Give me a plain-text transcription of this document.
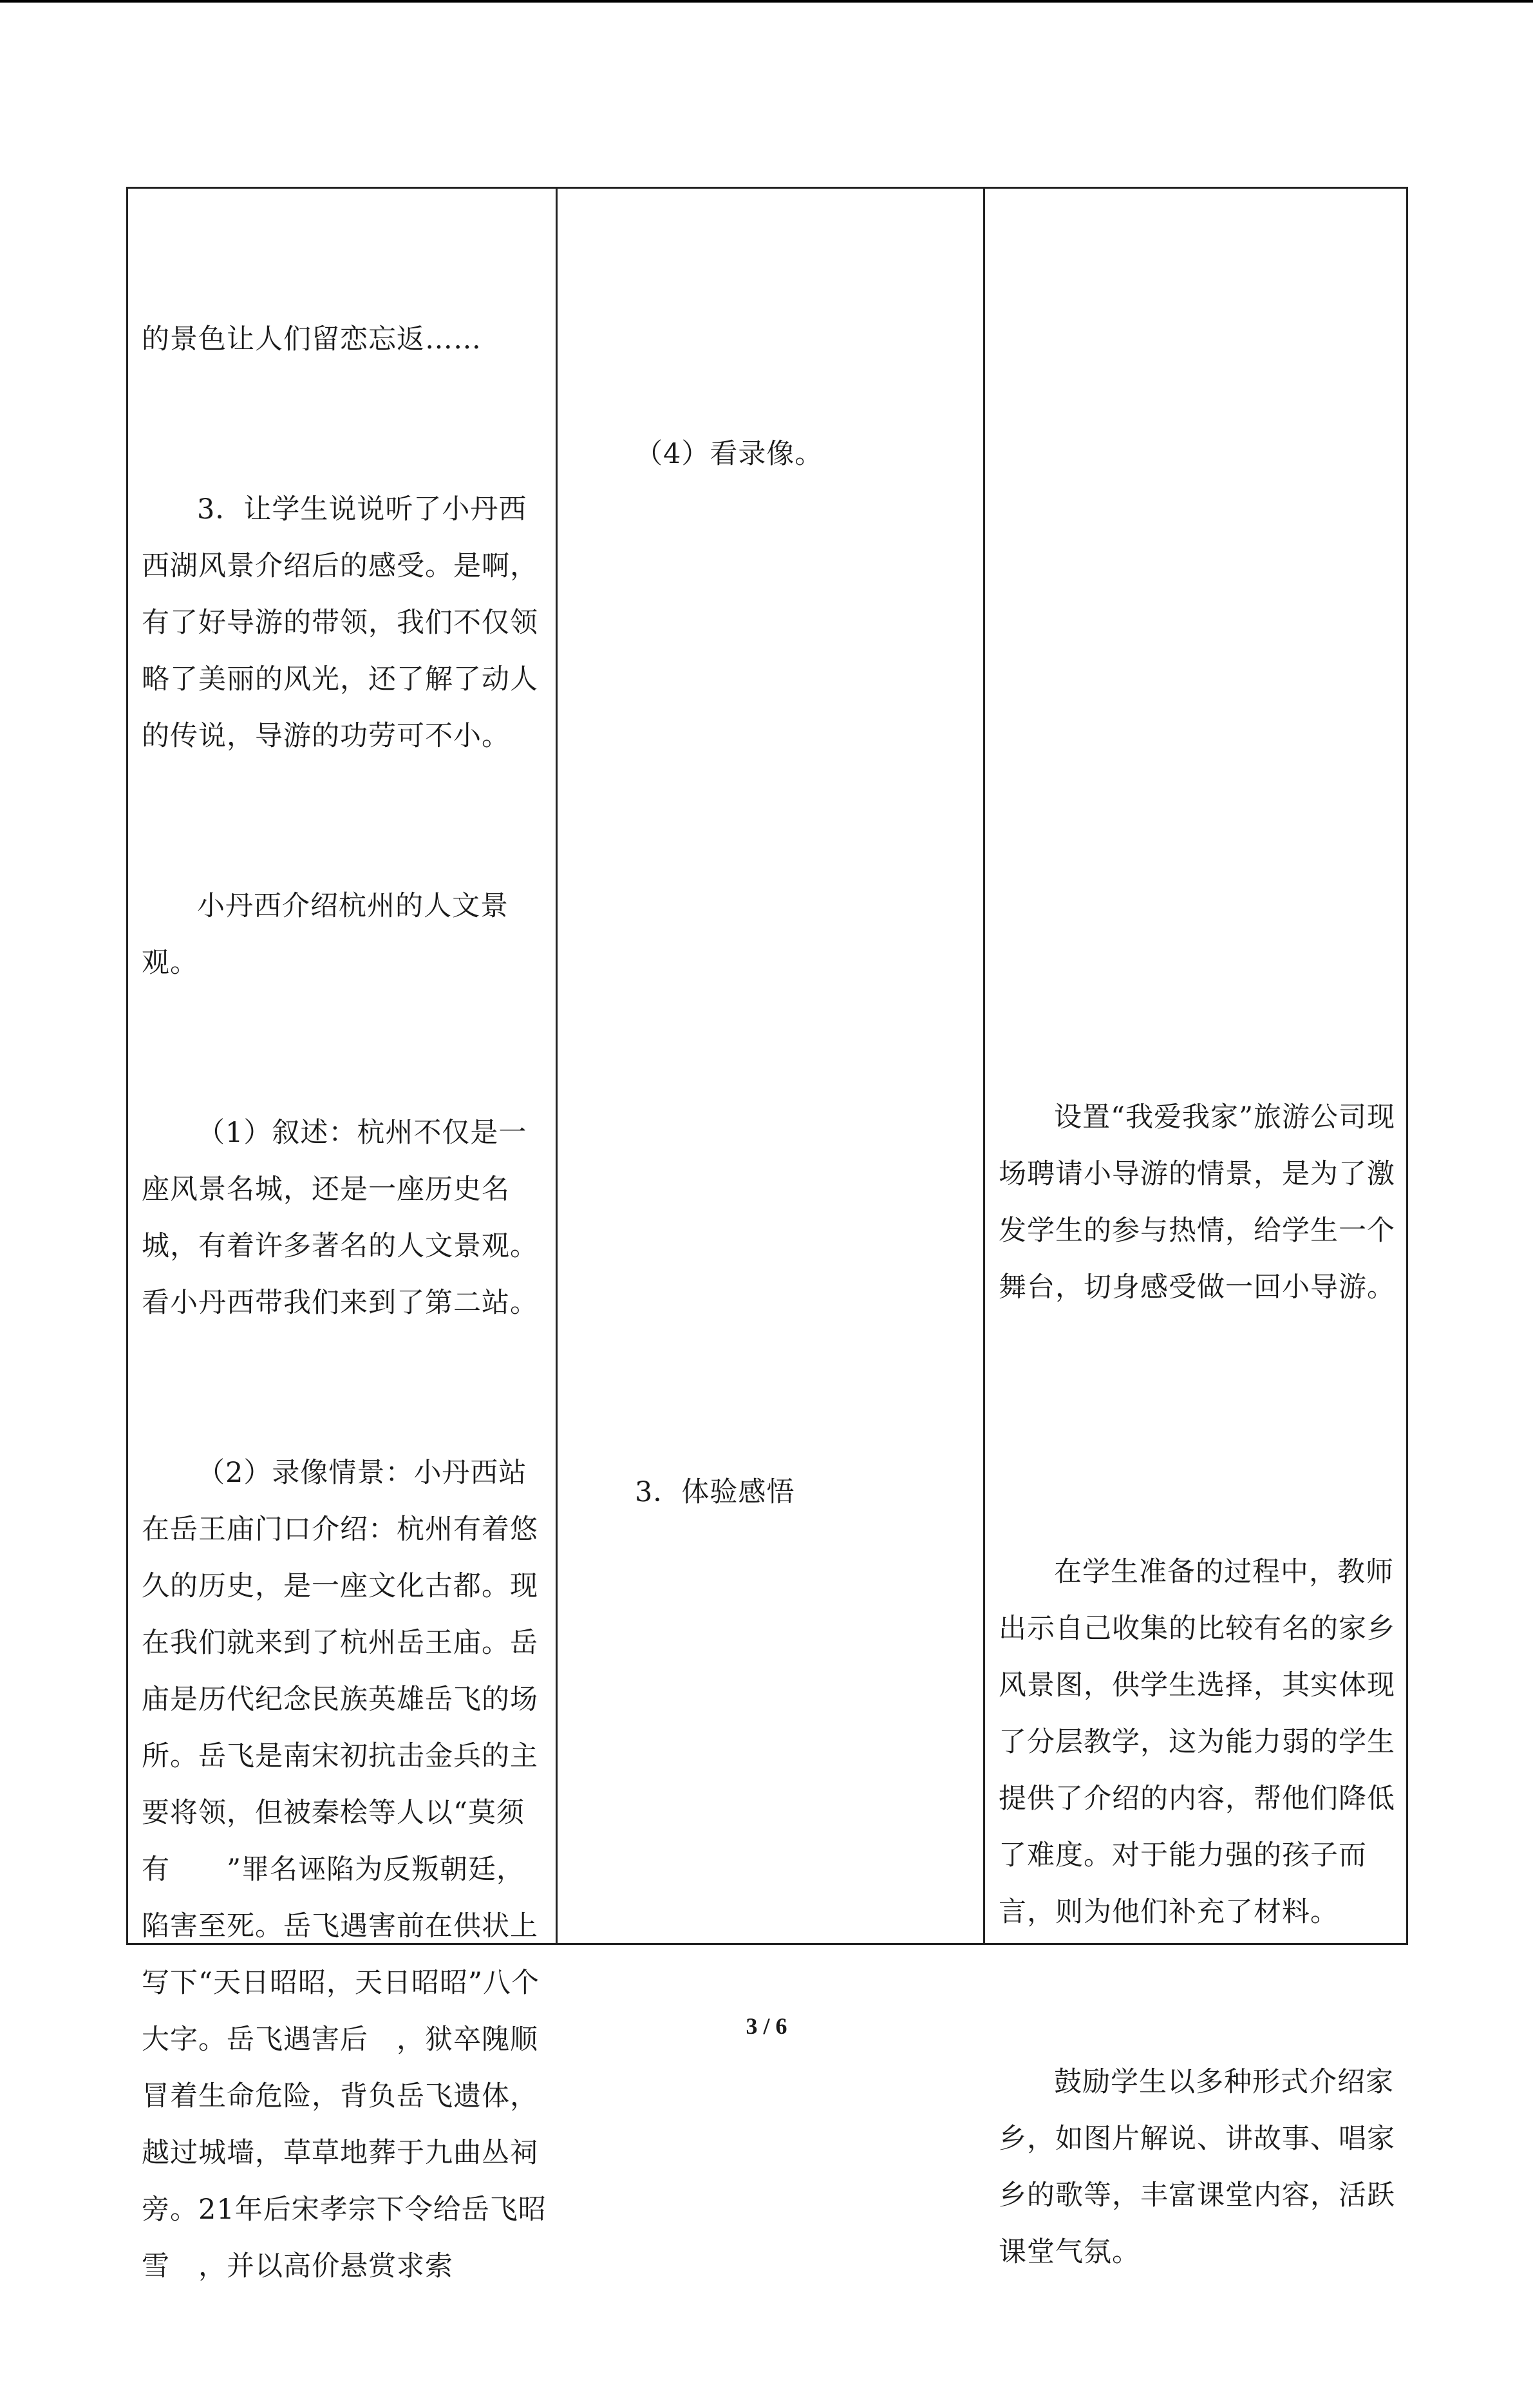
的景色让人们留恋忘返……

3．让学生说说听了小丹西西湖风景介绍后的感受。是啊，有了好导游的带领，我们不仅领略了美丽的风光，还了解了动人的传说，导游的功劳可不小。

小丹西介绍杭州的人文景观。

（1）叙述：杭州不仅是一座风景名城，还是一座历史名城，有着许多著名的人文景观。看小丹西带我们来到了第二站。

（2）录像情景：小丹西站在岳王庙门口介绍：杭州有着悠久的历史，是一座文化古都。现在我们就来到了杭州岳王庙。岳庙是历代纪念民族英雄岳飞的场所。岳飞是南宋初抗击金兵的主要将领，但被秦桧等人以“莫须有　　”罪名诬陷为反叛朝廷，陷害至死。岳飞遇害前在供状上写下“天日昭昭，天日昭昭”八个大字。岳飞遇害后　，狱卒隗顺冒着生命危险，背负岳飞遗体，越过城墙，草草地葬于九曲丛祠旁。21年后宋孝宗下令给岳飞昭雪　，并以高价悬赏求索

（4）看录像。
3．体验感悟

设置“我爱我家”旅游公司现场聘请小导游的情景，是为了激发学生的参与热情，给学生一个舞台，切身感受做一回小导游。

在学生准备的过程中，教师出示自己收集的比较有名的家乡风景图，供学生选择，其实体现了分层教学，这为能力弱的学生提供了介绍的内容，帮他们降低了难度。对于能力强的孩子而言，则为他们补充了材料。

鼓励学生以多种形式介绍家乡，如图片解说、讲故事、唱家乡的歌等，丰富课堂内容，活跃课堂气氛。

3 / 6
